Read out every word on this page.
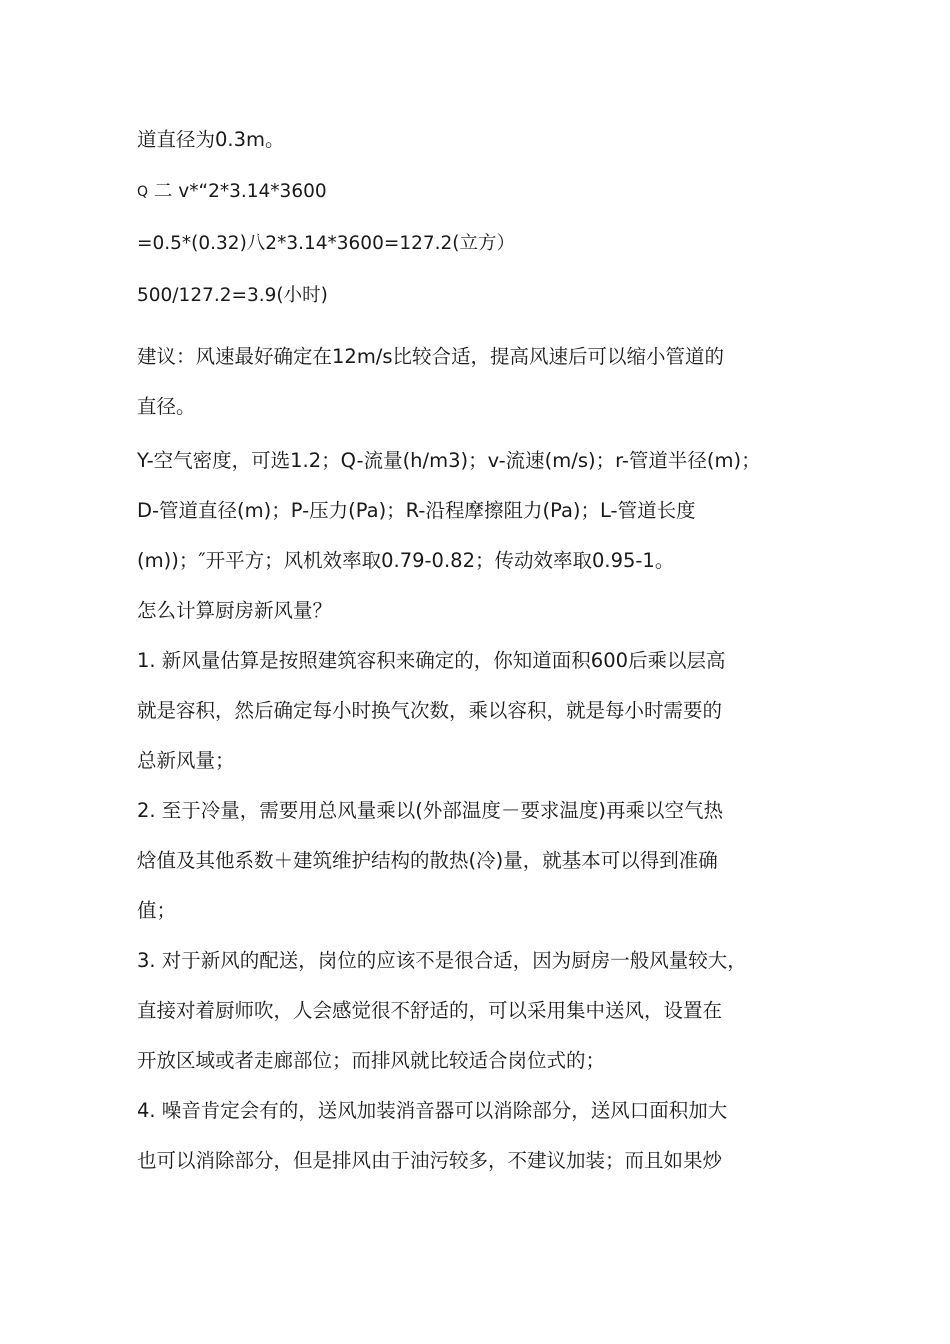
道直径为0.3m。

Q 二 v*“2*3.14*3600

=0.5*(0.32)八2*3.14*3600=127.2(立方）

500/127.2=3.9(小时)

建议：风速最好确定在12m/s比较合适，提高风速后可以缩小管道的

直径。

Y-空气密度，可选1.2；Q-流量(h/m3)；v-流速(m/s)；r-管道半径(m)；

D-管道直径(m)；P-压力(Pa)；R-沿程摩擦阻力(Pa)；L-管道长度

(m))；″开平方；风机效率取0.79-0.82；传动效率取0.95-1。

怎么计算厨房新风量？

1. 新风量估算是按照建筑容积来确定的，你知道面积600后乘以层高

就是容积，然后确定每小时换气次数，乘以容积，就是每小时需要的

总新风量；

2. 至于冷量，需要用总风量乘以(外部温度－要求温度)再乘以空气热

焓值及其他系数＋建筑维护结构的散热(冷)量，就基本可以得到准确

值；

3. 对于新风的配送，岗位的应该不是很合适，因为厨房一般风量较大，

直接对着厨师吹，人会感觉很不舒适的，可以采用集中送风，设置在

开放区域或者走廊部位；而排风就比较适合岗位式的；

4. 噪音肯定会有的，送风加装消音器可以消除部分，送风口面积加大

也可以消除部分，但是排风由于油污较多，不建议加装；而且如果炒
